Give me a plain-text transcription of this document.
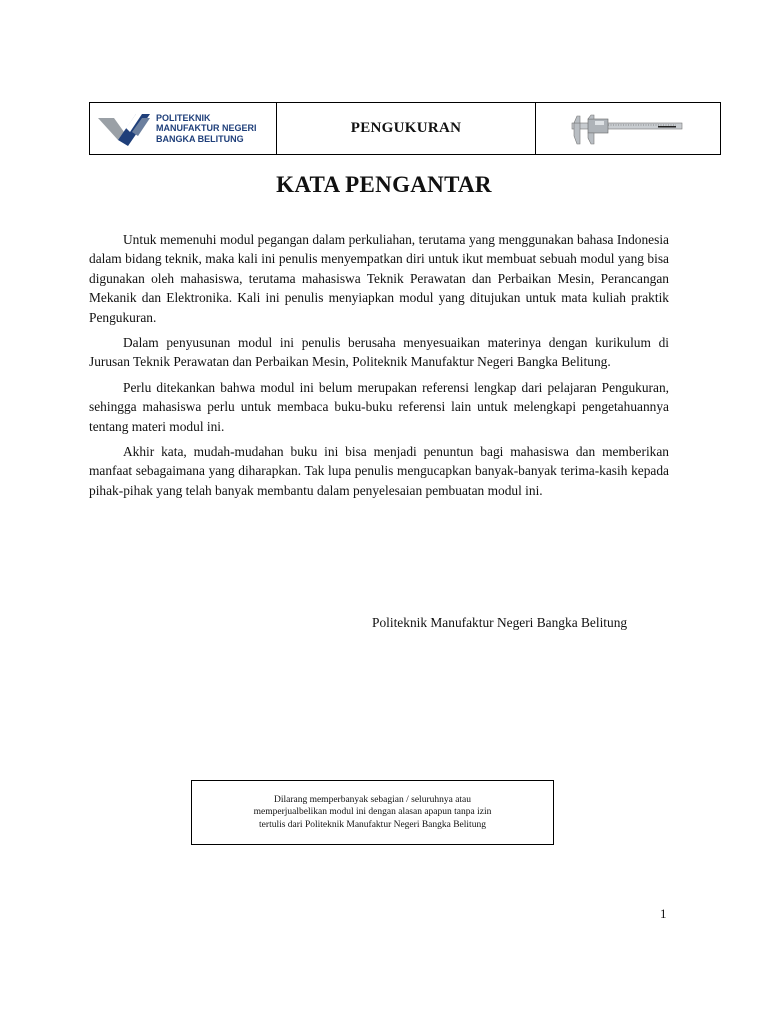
POLITEKNIK
MANUFAKTUR NEGERI
BANGKA BELITUNG
PENGUKURAN
KATA PENGANTAR

Untuk memenuhi modul pegangan dalam perkuliahan, terutama yang menggunakan bahasa Indonesia dalam bidang teknik, maka kali ini penulis menyempatkan diri untuk ikut membuat sebuah modul yang bisa digunakan oleh mahasiswa, terutama mahasiswa Teknik Perawatan dan Perbaikan Mesin, Perancangan Mekanik dan Elektronika. Kali ini penulis menyiapkan modul yang ditujukan untuk mata kuliah praktik Pengukuran.

Dalam penyusunan modul ini penulis berusaha menyesuaikan materinya dengan kurikulum di Jurusan Teknik Perawatan dan Perbaikan Mesin, Politeknik Manufaktur Negeri Bangka Belitung.

Perlu ditekankan bahwa modul ini belum merupakan referensi lengkap dari pelajaran Pengukuran, sehingga mahasiswa perlu untuk membaca buku-buku referensi lain untuk melengkapi pengetahuannya tentang materi modul ini.

Akhir kata, mudah-mudahan buku ini bisa menjadi penuntun bagi mahasiswa dan memberikan manfaat sebagaimana yang diharapkan. Tak lupa penulis mengucapkan banyak-banyak terima-kasih kepada pihak-pihak yang telah banyak membantu dalam penyelesaian pembuatan modul ini.

Politeknik Manufaktur Negeri Bangka Belitung
Dilarang memperbanyak sebagian / seluruhnya atau
memperjualbelikan modul ini dengan alasan apapun tanpa izin
tertulis dari Politeknik Manufaktur Negeri Bangka Belitung
1
